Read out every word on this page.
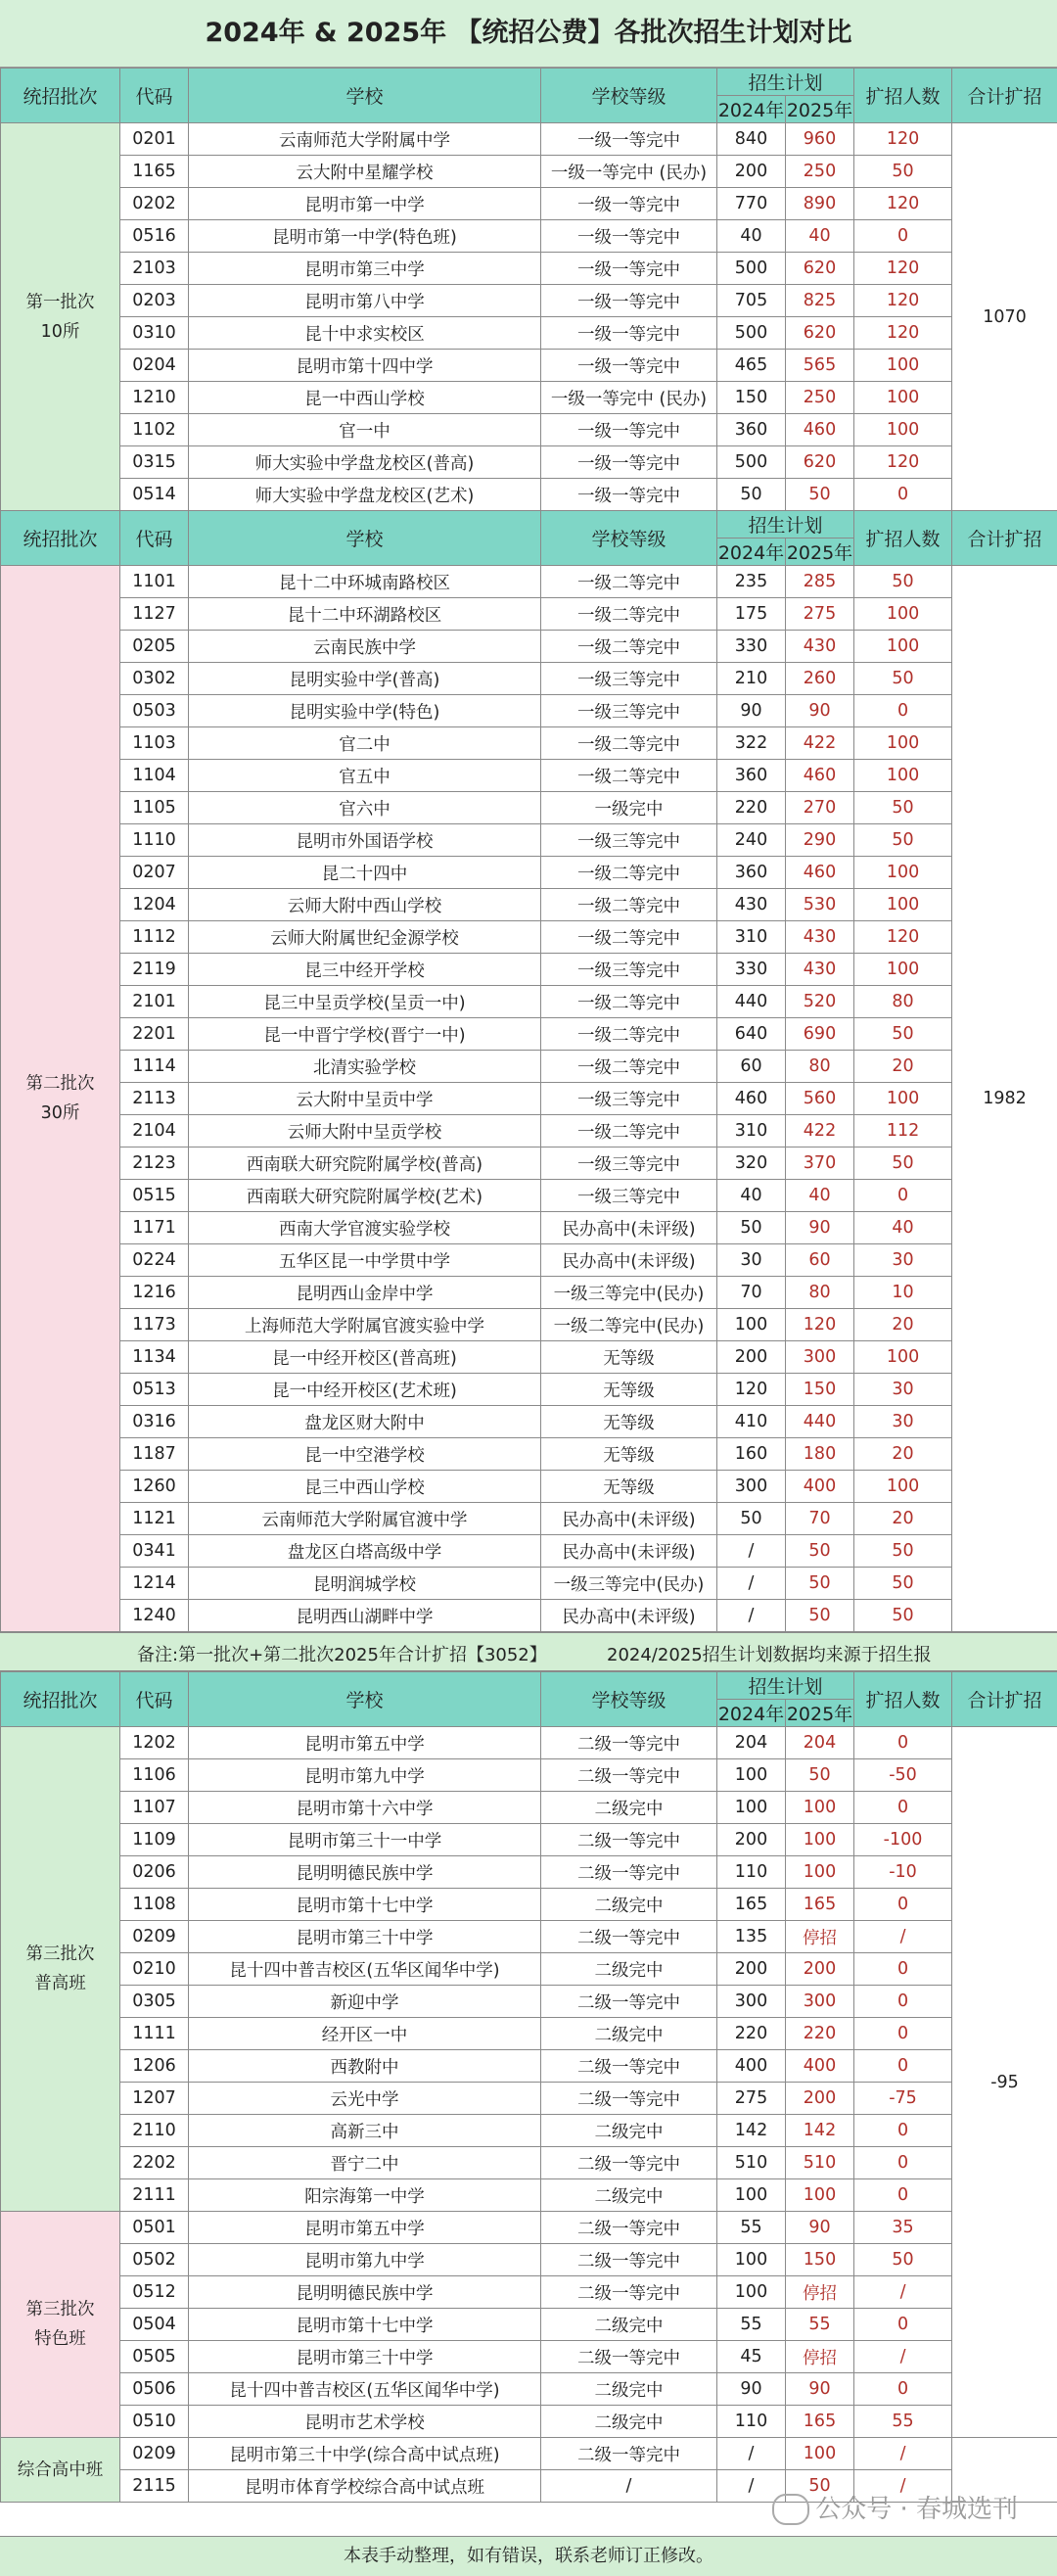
2024年 & 2025年 【统招公费】各批次招生计划对比
统招批次	代码	学校	学校等级	招生计划		扩招人数	合计扩招
				2024年	2025年		
第一批次
10所	0201	云南师范大学附属中学	一级一等完中	840	960	120	1070
	1165	云大附中星耀学校	一级一等完中 (民办)	200	250	50	
	0202	昆明市第一中学	一级一等完中	770	890	120	
	0516	昆明市第一中学(特色班)	一级一等完中	40	40	0	
	2103	昆明市第三中学	一级一等完中	500	620	120	
	0203	昆明市第八中学	一级一等完中	705	825	120	
	0310	昆十中求实校区	一级一等完中	500	620	120	
	0204	昆明市第十四中学	一级一等完中	465	565	100	
	1210	昆一中西山学校	一级一等完中 (民办)	150	250	100	
	1102	官一中	一级一等完中	360	460	100	
	0315	师大实验中学盘龙校区(普高)	一级一等完中	500	620	120	
	0514	师大实验中学盘龙校区(艺术)	一级一等完中	50	50	0	
统招批次	代码	学校	学校等级	招生计划		扩招人数	合计扩招
				2024年	2025年		
第二批次
30所	1101	昆十二中环城南路校区	一级二等完中	235	285	50	1982
	1127	昆十二中环湖路校区	一级二等完中	175	275	100	
	0205	云南民族中学	一级二等完中	330	430	100	
	0302	昆明实验中学(普高)	一级三等完中	210	260	50	
	0503	昆明实验中学(特色)	一级三等完中	90	90	0	
	1103	官二中	一级二等完中	322	422	100	
	1104	官五中	一级二等完中	360	460	100	
	1105	官六中	一级完中	220	270	50	
	1110	昆明市外国语学校	一级三等完中	240	290	50	
	0207	昆二十四中	一级二等完中	360	460	100	
	1204	云师大附中西山学校	一级二等完中	430	530	100	
	1112	云师大附属世纪金源学校	一级二等完中	310	430	120	
	2119	昆三中经开学校	一级三等完中	330	430	100	
	2101	昆三中呈贡学校(呈贡一中)	一级二等完中	440	520	80	
	2201	昆一中晋宁学校(晋宁一中)	一级二等完中	640	690	50	
	1114	北清实验学校	一级二等完中	60	80	20	
	2113	云大附中呈贡中学	一级三等完中	460	560	100	
	2104	云师大附中呈贡学校	一级二等完中	310	422	112	
	2123	西南联大研究院附属学校(普高)	一级三等完中	320	370	50	
	0515	西南联大研究院附属学校(艺术)	一级三等完中	40	40	0	
	1171	西南大学官渡实验学校	民办高中(未评级)	50	90	40	
	0224	五华区昆一中学贯中学	民办高中(未评级)	30	60	30	
	1216	昆明西山金岸中学	一级三等完中(民办)	70	80	10	
	1173	上海师范大学附属官渡实验中学	一级二等完中(民办)	100	120	20	
	1134	昆一中经开校区(普高班)	无等级	200	300	100	
	0513	昆一中经开校区(艺术班)	无等级	120	150	30	
	0316	盘龙区财大附中	无等级	410	440	30	
	1187	昆一中空港学校	无等级	160	180	20	
	1260	昆三中西山学校	无等级	300	400	100	
	1121	云南师范大学附属官渡中学	民办高中(未评级)	50	70	20	
	0341	盘龙区白塔高级中学	民办高中(未评级)	/	50	50	
	1214	昆明润城学校	一级三等完中(民办)	/	50	50	
	1240	昆明西山湖畔中学	民办高中(未评级)	/	50	50	
备注:第一批次+第二批次2025年合计扩招【3052】	2024/2025招生计划数据均来源于招生报
统招批次	代码	学校	学校等级	招生计划		扩招人数	合计扩招
				2024年	2025年		
第三批次
普高班	1202	昆明市第五中学	二级一等完中	204	204	0	-95
	1106	昆明市第九中学	二级一等完中	100	50	-50	
	1107	昆明市第十六中学	二级完中	100	100	0	
	1109	昆明市第三十一中学	二级一等完中	200	100	-100	
	0206	昆明明德民族中学	二级一等完中	110	100	-10	
	1108	昆明市第十七中学	二级完中	165	165	0	
	0209	昆明市第三十中学	二级一等完中	135	停招	/	
	0210	昆十四中普吉校区(五华区闻华中学)	二级完中	200	200	0	
	0305	新迎中学	二级一等完中	300	300	0	
	1111	经开区一中	二级完中	220	220	0	
	1206	西教附中	二级一等完中	400	400	0	
	1207	云光中学	二级一等完中	275	200	-75	
	2110	高新三中	二级完中	142	142	0	
	2202	晋宁二中	二级一等完中	510	510	0	
	2111	阳宗海第一中学	二级完中	100	100	0	
第三批次
特色班	0501	昆明市第五中学	二级一等完中	55	90	35	
	0502	昆明市第九中学	二级一等完中	100	150	50	
	0512	昆明明德民族中学	二级一等完中	100	停招	/	
	0504	昆明市第十七中学	二级完中	55	55	0	
	0505	昆明市第三十中学	二级一等完中	45	停招	/	
	0506	昆十四中普吉校区(五华区闻华中学)	二级完中	90	90	0	
	0510	昆明市艺术学校	二级完中	110	165	55	
综合高中班	0209	昆明市第三十中学(综合高中试点班)	二级一等完中	/	100	/	
	2115	昆明市体育学校综合高中试点班	/	/	50	/	
公众号 · 春城选刊
本表手动整理，如有错误，联系老师订正修改。
